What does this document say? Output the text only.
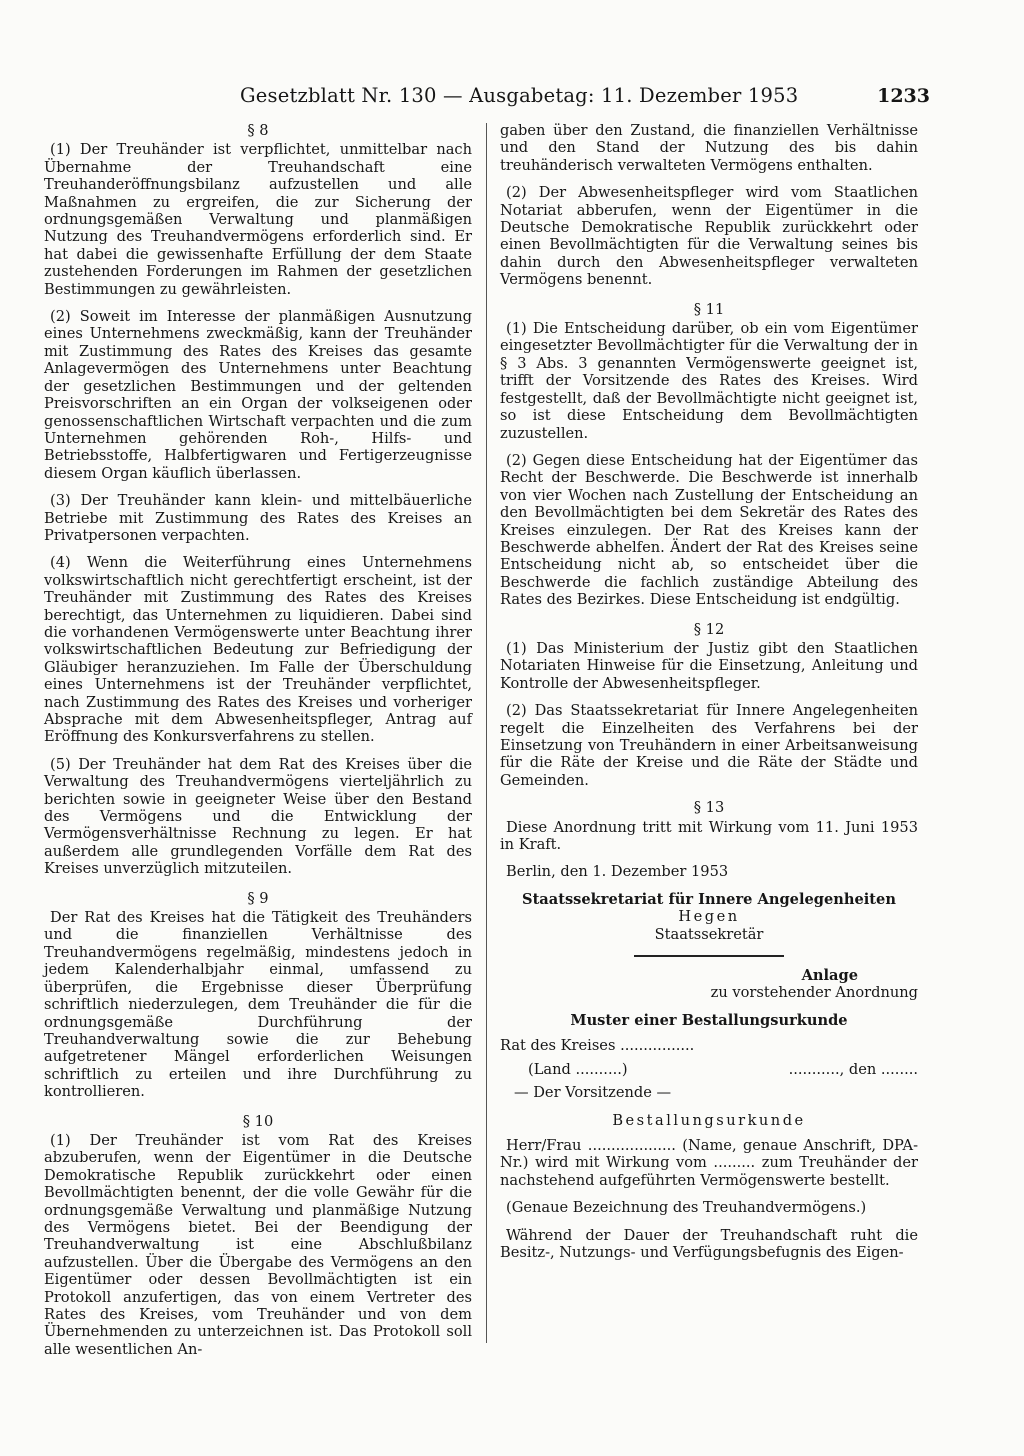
Gesetzblatt Nr. 130 — Ausgabetag: 11. Dezember 1953	1233
§ 8

(1) Der Treuhänder ist verpflichtet, unmittelbar nach Übernahme der Treuhandschaft eine Treuhanderöffnungsbilanz aufzustellen und alle Maßnahmen zu ergreifen, die zur Sicherung der ordnungsgemäßen Verwaltung und planmäßigen Nutzung des Treuhandvermögens erforderlich sind. Er hat dabei die gewissenhafte Erfüllung der dem Staate zustehenden Forderungen im Rahmen der gesetzlichen Bestimmungen zu gewährleisten.

(2) Soweit im Interesse der planmäßigen Ausnutzung eines Unternehmens zweckmäßig, kann der Treuhänder mit Zustimmung des Rates des Kreises das gesamte Anlagevermögen des Unternehmens unter Beachtung der gesetzlichen Bestimmungen und der geltenden Preisvorschriften an ein Organ der volkseigenen oder genossenschaftlichen Wirtschaft verpachten und die zum Unternehmen gehörenden Roh-, Hilfs- und Betriebsstoffe, Halbfertigwaren und Fertigerzeugnisse diesem Organ käuflich überlassen.

(3) Der Treuhänder kann klein- und mittelbäuerliche Betriebe mit Zustimmung des Rates des Kreises an Privatpersonen verpachten.

(4) Wenn die Weiterführung eines Unternehmens volkswirtschaftlich nicht gerechtfertigt erscheint, ist der Treuhänder mit Zustimmung des Rates des Kreises berechtigt, das Unternehmen zu liquidieren. Dabei sind die vorhandenen Vermögenswerte unter Beachtung ihrer volkswirtschaftlichen Bedeutung zur Befriedigung der Gläubiger heranzuziehen. Im Falle der Überschuldung eines Unternehmens ist der Treuhänder verpflichtet, nach Zustimmung des Rates des Kreises und vorheriger Absprache mit dem Abwesenheitspfleger, Antrag auf Eröffnung des Konkursverfahrens zu stellen.

(5) Der Treuhänder hat dem Rat des Kreises über die Verwaltung des Treuhandvermögens vierteljährlich zu berichten sowie in geeigneter Weise über den Bestand des Vermögens und die Entwicklung der Vermögensverhältnisse Rechnung zu legen. Er hat außerdem alle grundlegenden Vorfälle dem Rat des Kreises unverzüglich mitzuteilen.

§ 9

Der Rat des Kreises hat die Tätigkeit des Treuhänders und die finanziellen Verhältnisse des Treuhandvermögens regelmäßig, mindestens jedoch in jedem Kalenderhalbjahr einmal, umfassend zu überprüfen, die Ergebnisse dieser Überprüfung schriftlich niederzulegen, dem Treuhänder die für die ordnungsgemäße Durchführung der Treuhandverwaltung sowie die zur Behebung aufgetretener Mängel erforderlichen Weisungen schriftlich zu erteilen und ihre Durchführung zu kontrollieren.

§ 10

(1) Der Treuhänder ist vom Rat des Kreises abzuberufen, wenn der Eigentümer in die Deutsche Demokratische Republik zurückkehrt oder einen Bevollmächtigten benennt, der die volle Gewähr für die ordnungsgemäße Verwaltung und planmäßige Nutzung des Vermögens bietet. Bei der Beendigung der Treuhandverwaltung ist eine Abschlußbilanz aufzustellen. Über die Übergabe des Vermögens an den Eigentümer oder dessen Bevollmächtigten ist ein Protokoll anzufertigen, das von einem Vertreter des Rates des Kreises, vom Treuhänder und von dem Übernehmenden zu unterzeichnen ist. Das Protokoll soll alle wesentlichen An-

gaben über den Zustand, die finanziellen Verhältnisse und den Stand der Nutzung des bis dahin treuhänderisch verwalteten Vermögens enthalten.

(2) Der Abwesenheitspfleger wird vom Staatlichen Notariat abberufen, wenn der Eigentümer in die Deutsche Demokratische Republik zurückkehrt oder einen Bevollmächtigten für die Verwaltung seines bis dahin durch den Abwesenheitspfleger verwalteten Vermögens benennt.

§ 11

(1) Die Entscheidung darüber, ob ein vom Eigentümer eingesetzter Bevollmächtigter für die Verwaltung der in § 3 Abs. 3 genannten Vermögenswerte geeignet ist, trifft der Vorsitzende des Rates des Kreises. Wird festgestellt, daß der Bevollmächtigte nicht geeignet ist, so ist diese Entscheidung dem Bevollmächtigten zuzustellen.

(2) Gegen diese Entscheidung hat der Eigentümer das Recht der Beschwerde. Die Beschwerde ist innerhalb von vier Wochen nach Zustellung der Entscheidung an den Bevollmächtigten bei dem Sekretär des Rates des Kreises einzulegen. Der Rat des Kreises kann der Beschwerde abhelfen. Ändert der Rat des Kreises seine Entscheidung nicht ab, so entscheidet über die Beschwerde die fachlich zuständige Abteilung des Rates des Bezirkes. Diese Entscheidung ist endgültig.

§ 12

(1) Das Ministerium der Justiz gibt den Staatlichen Notariaten Hinweise für die Einsetzung, Anleitung und Kontrolle der Abwesenheitspfleger.

(2) Das Staatssekretariat für Innere Angelegenheiten regelt die Einzelheiten des Verfahrens bei der Einsetzung von Treuhändern in einer Arbeitsanweisung für die Räte der Kreise und die Räte der Städte und Gemeinden.

§ 13

Diese Anordnung tritt mit Wirkung vom 11. Juni 1953 in Kraft.

Berlin, den 1. Dezember 1953

Staatssekretariat für Innere Angelegenheiten
Hegen
Staatssekretär
Anlage
zu vorstehender Anordnung
Muster einer Bestallungsurkunde

Rat des Kreises ................

(Land ..........)	..........., den ........

— Der Vorsitzende —

Bestallungsurkunde

Herr/Frau ................... (Name, genaue Anschrift, DPA-Nr.) wird mit Wirkung vom ......... zum Treuhänder der nachstehend aufgeführten Vermögenswerte bestellt.

(Genaue Bezeichnung des Treuhandvermögens.)

Während der Dauer der Treuhandschaft ruht die Besitz-, Nutzungs- und Verfügungsbefugnis des Eigen-
